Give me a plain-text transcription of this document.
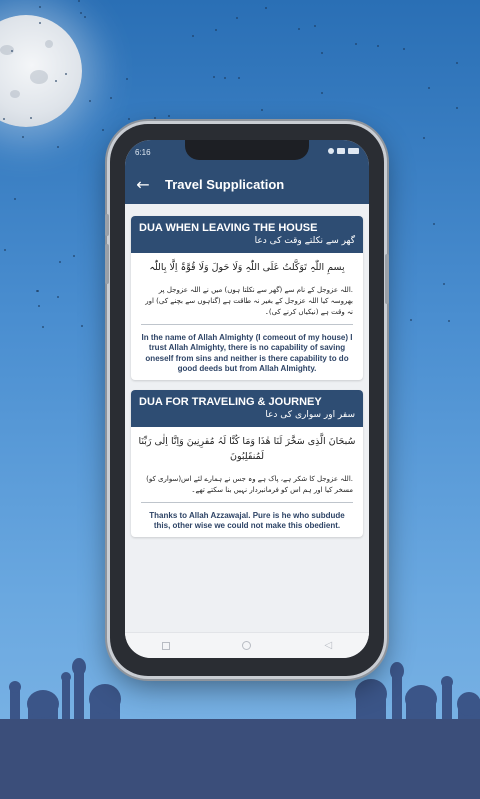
6:16
←	Travel Supplication
DUA WHEN LEAVING THE HOUSE
گھر سے نکلتے وقت کی دعا
بِسمِ اللّٰہِ تَوَکَّلتُ عَلَی اللّٰہِ وَلَا حَولَ وَلَا قُوَّۃَ اِلَّا بِاللّٰہ
.اللہ عزوجل کے نام سے (گھر سے نکلتا ہوں) میں نے اللہ عزوجل پر بھروسہ کیا اللہ عزوجل کے بغیر نہ طاقت ہے (گناہوں سے بچنے کی) اور نہ وقت ہے (نیکیاں کرنے کی)۔
In the name of Allah Almighty (I comeout of my house) I trust Allah Almighty, there is no capability of saving oneself from sins and neither is there capability to do good deeds but from Allah Almighty.
DUA FOR TRAVELING & JOURNEY
سفر اور سواری کی دعا
سُبحَانَ الَّذِی سَخَّرَ لَنَا ھٰذَا وَمَا کُنَّا لَہُ مُقرِنِینَ وَاِنَّا اِلٰی رَبِّنَا لَمُنقَلِبُونَ
.اللہ عزوجل کا شکر ہے، پاک ہے وہ جس نے ہمارے لئے اس(سواری کو) مسخر کیا اور ہم اس کو فرمانبردار نہیں بنا سکتے تھے۔
Thanks to Allah Azzawajal. Pure is he who subdude this, other wise we could not make this obedient.
◁
